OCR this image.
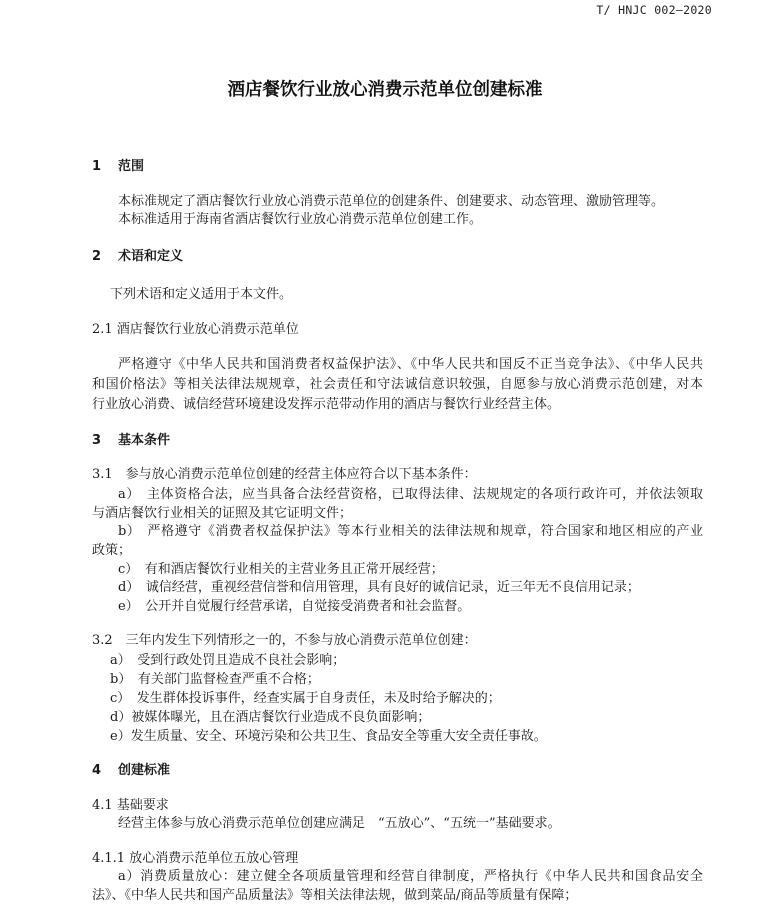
T/ HNJC 002—2020
酒店餐饮行业放心消费示范单位创建标准
1 范围
本标准规定了酒店餐饮行业放心消费示范单位的创建条件、创建要求、动态管理、激励管理等。
本标准适用于海南省酒店餐饮行业放心消费示范单位创建工作。
2 术语和定义
下列术语和定义适用于本文件。
2.1 酒店餐饮行业放心消费示范单位
严格遵守《中华人民共和国消费者权益保护法》、《中华人民共和国反不正当竞争法》、《中华人民共
和国价格法》等相关法律法规规章，社会责任和守法诚信意识较强，自愿参与放心消费示范创建，对本
行业放心消费、诚信经营环境建设发挥示范带动作用的酒店与餐饮行业经营主体。
3 基本条件
3.1　参与放心消费示范单位创建的经营主体应符合以下基本条件：
a）　主体资格合法，应当具备合法经营资格，已取得法律、法规规定的各项行政许可，并依法领取
与酒店餐饮行业相关的证照及其它证明文件；
b）　严格遵守《消费者权益保护法》等本行业相关的法律法规和规章，符合国家和地区相应的产业
政策；
c）　有和酒店餐饮行业相关的主营业务且正常开展经营；
d）　诚信经营，重视经营信誉和信用管理，具有良好的诚信记录，近三年无不良信用记录；
e）　公开并自觉履行经营承诺，自觉接受消费者和社会监督。
3.2　三年内发生下列情形之一的，不参与放心消费示范单位创建：
a）　受到行政处罚且造成不良社会影响；
b）　有关部门监督检查严重不合格；
c）　发生群体投诉事件，经查实属于自身责任，未及时给予解决的；
d）被媒体曝光，且在酒店餐饮行业造成不良负面影响；
e）发生质量、安全、环境污染和公共卫生、食品安全等重大安全责任事故。
4 创建标准
4.1 基础要求
经营主体参与放心消费示范单位创建应满足　“五放心”、“五统一”基础要求。
4.1.1 放心消费示范单位五放心管理
a）消费质量放心：建立健全各项质量管理和经营自律制度，严格执行《中华人民共和国食品安全
法》、《中华人民共和国产品质量法》等相关法律法规，做到菜品/商品等质量有保障；
